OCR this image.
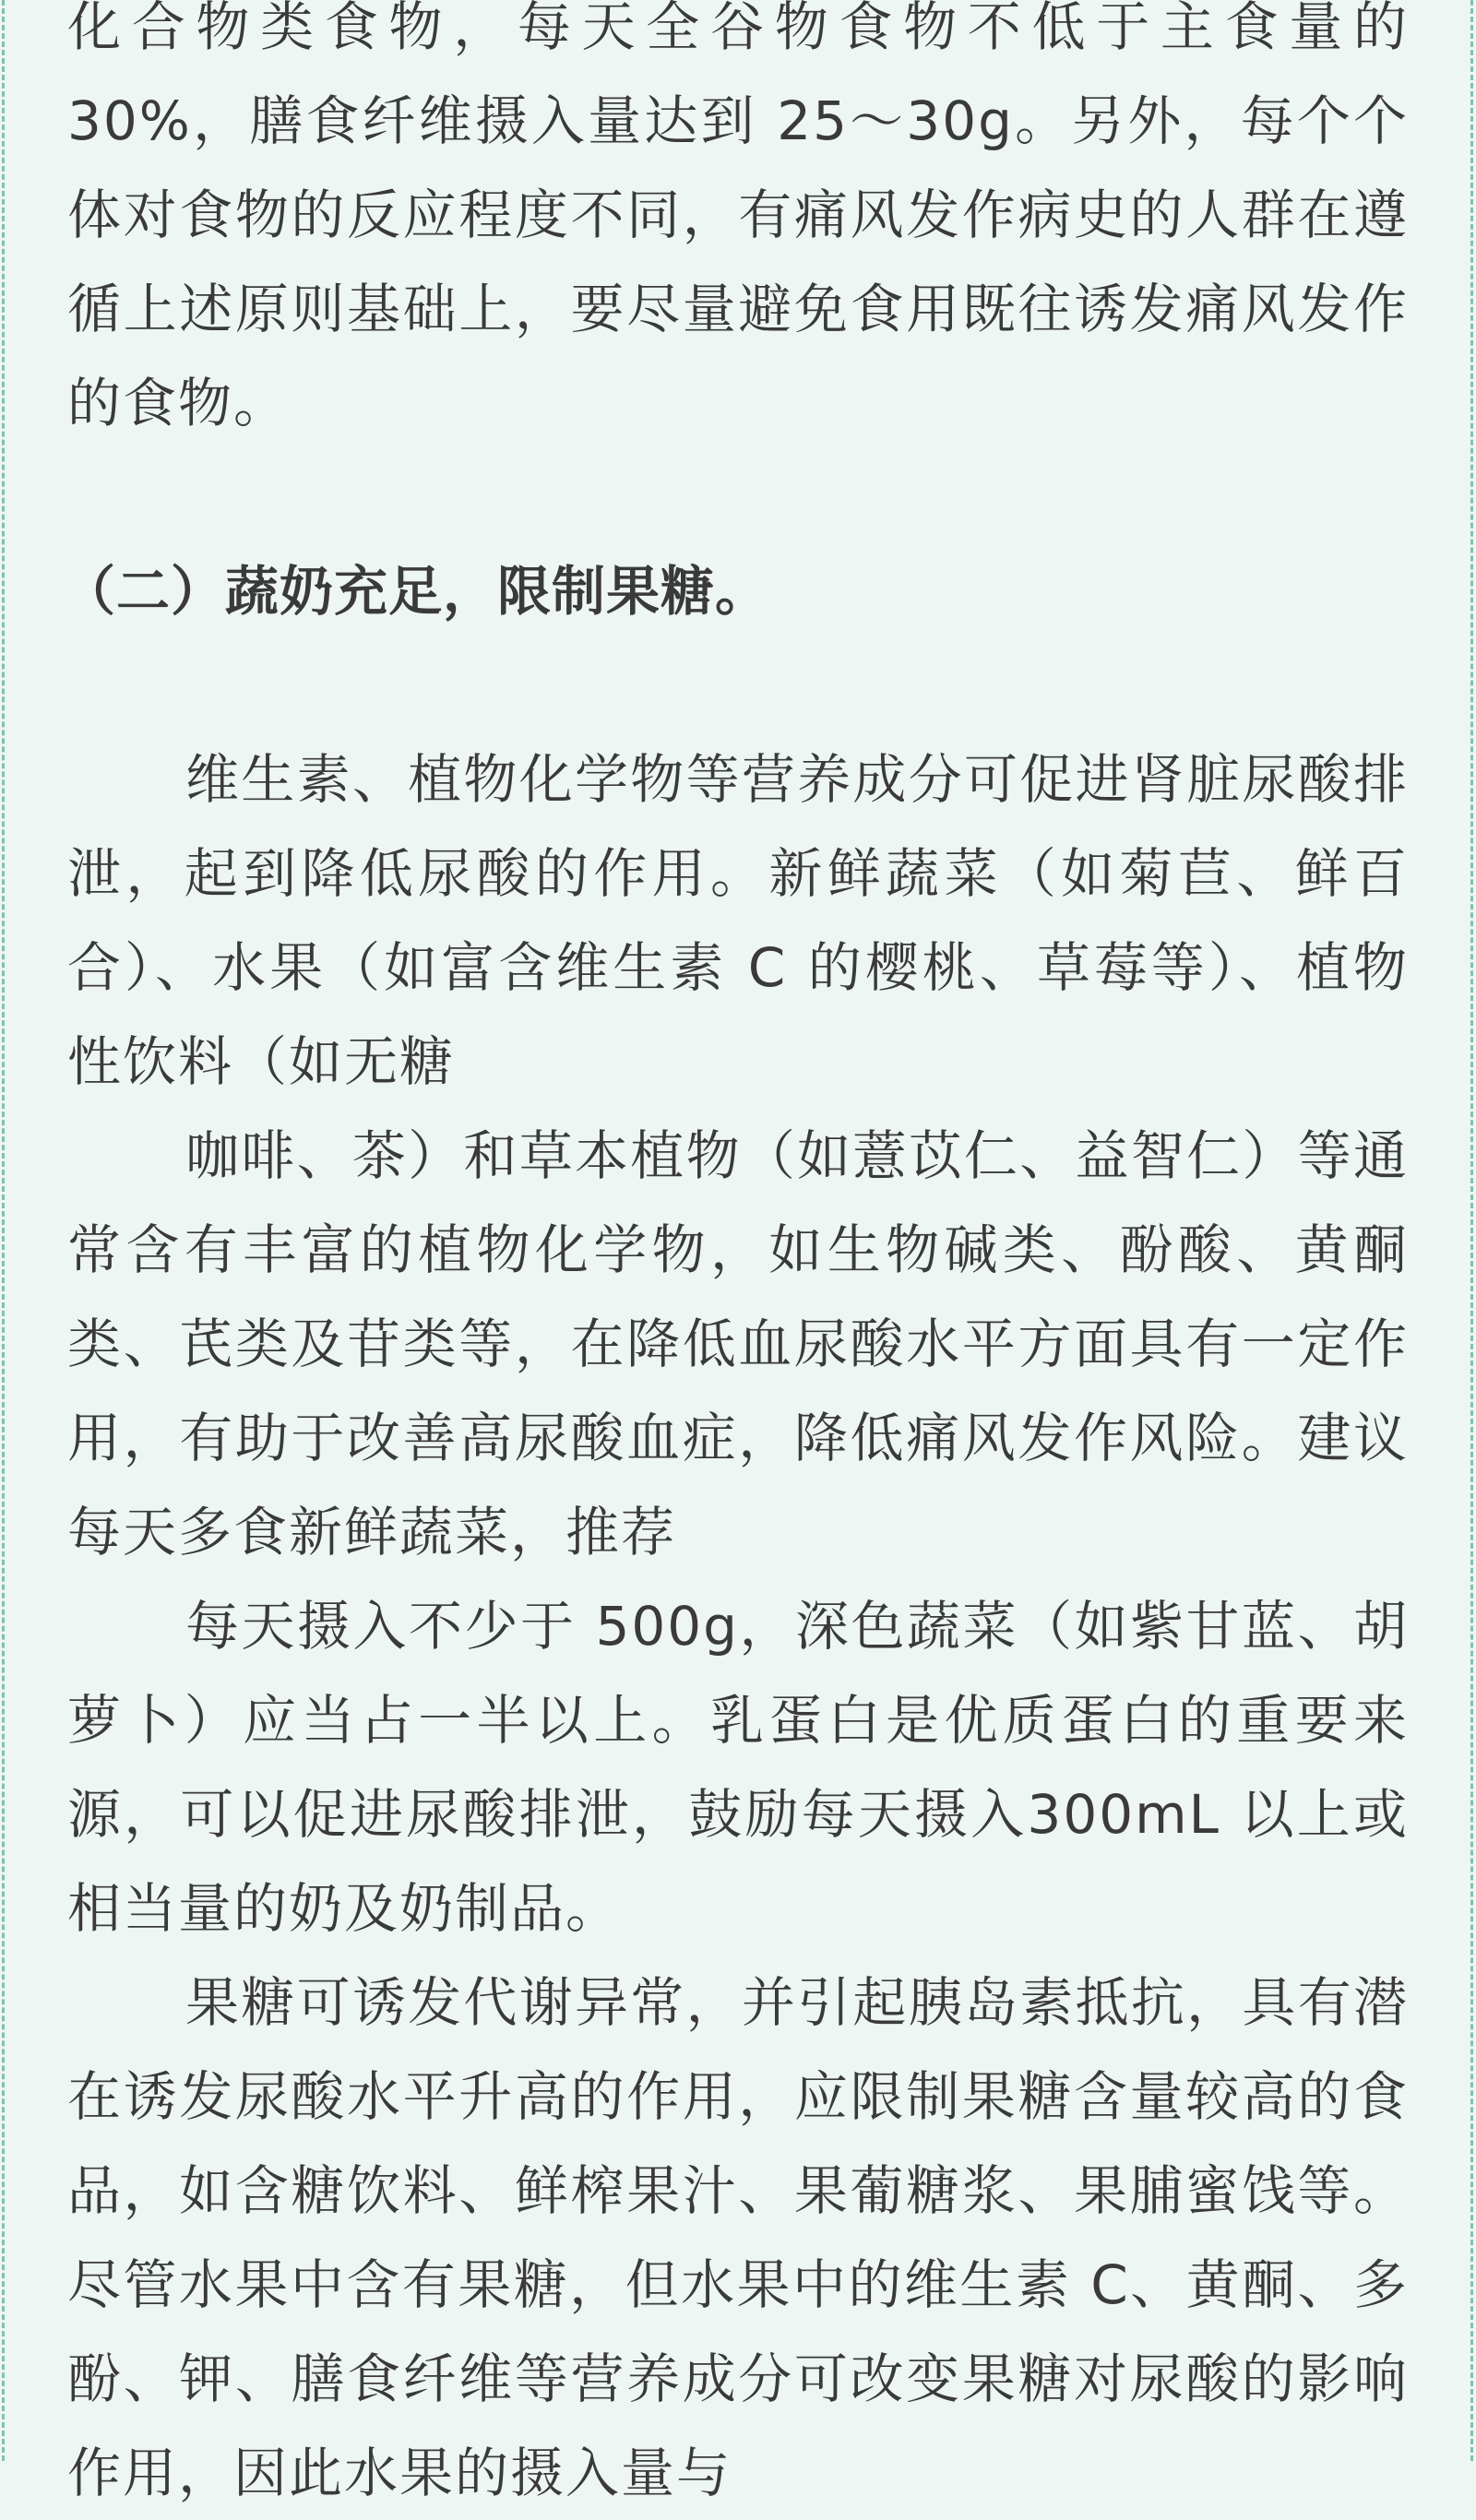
化合物类食物，每天全谷物食物不低于主食量的30%，膳食纤维摄入量达到 25～30g。另外，每个个体对食物的反应程度不同，有痛风发作病史的人群在遵循上述原则基础上，要尽量避免食用既往诱发痛风发作的食物。

（二）蔬奶充足，限制果糖。

维生素、植物化学物等营养成分可促进肾脏尿酸排泄，起到降低尿酸的作用。新鲜蔬菜（如菊苣、鲜百合）、水果（如富含维生素 C 的樱桃、草莓等）、植物性饮料（如无糖

咖啡、茶）和草本植物（如薏苡仁、益智仁）等通常含有丰富的植物化学物，如生物碱类、酚酸、黄酮类、芪类及苷类等，在降低血尿酸水平方面具有一定作用，有助于改善高尿酸血症，降低痛风发作风险。建议每天多食新鲜蔬菜，推荐

每天摄入不少于 500g，深色蔬菜（如紫甘蓝、胡萝卜）应当占一半以上。乳蛋白是优质蛋白的重要来源，可以促进尿酸排泄，鼓励每天摄入300mL 以上或相当量的奶及奶制品。

果糖可诱发代谢异常，并引起胰岛素抵抗，具有潜在诱发尿酸水平升高的作用，应限制果糖含量较高的食品，如含糖饮料、鲜榨果汁、果葡糖浆、果脯蜜饯等。尽管水果中含有果糖，但水果中的维生素 C、黄酮、多酚、钾、膳食纤维等营养成分可改变果糖对尿酸的影响作用，因此水果的摄入量与
